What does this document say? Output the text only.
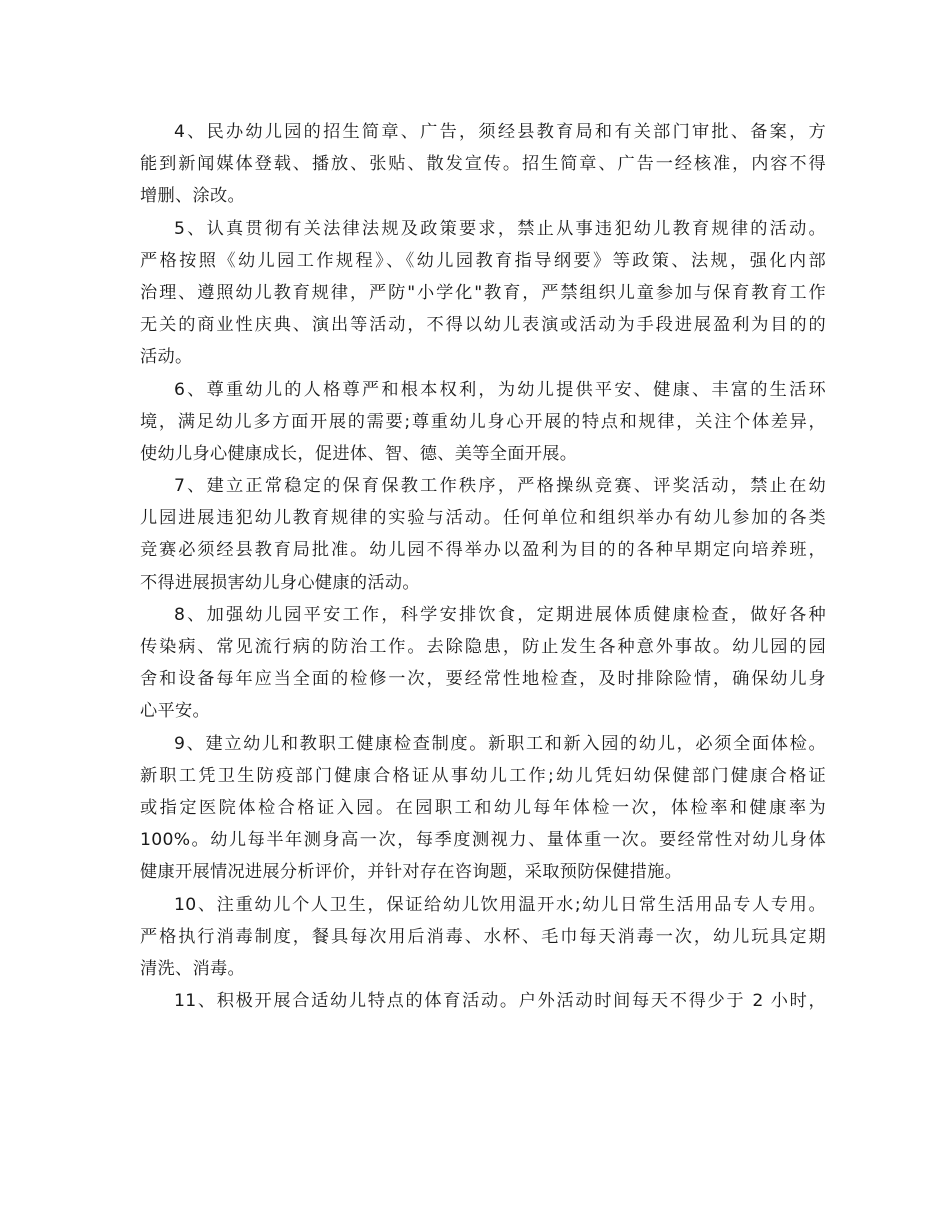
4、民办幼儿园的招生简章、广告，须经县教育局和有关部门审批、备案，方
能到新闻媒体登载、播放、张贴、散发宣传。招生简章、广告一经核准，内容不得
增删、涂改。
5、认真贯彻有关法律法规及政策要求，禁止从事违犯幼儿教育规律的活动。
严格按照《幼儿园工作规程》、《幼儿园教育指导纲要》等政策、法规，强化内部
治理、遵照幼儿教育规律，严防"小学化"教育，严禁组织儿童参加与保育教育工作
无关的商业性庆典、演出等活动，不得以幼儿表演或活动为手段进展盈利为目的的
活动。
6、尊重幼儿的人格尊严和根本权利，为幼儿提供平安、健康、丰富的生活环
境，满足幼儿多方面开展的需要;尊重幼儿身心开展的特点和规律，关注个体差异，
使幼儿身心健康成长，促进体、智、德、美等全面开展。
7、建立正常稳定的保育保教工作秩序，严格操纵竞赛、评奖活动，禁止在幼
儿园进展违犯幼儿教育规律的实验与活动。任何单位和组织举办有幼儿参加的各类
竞赛必须经县教育局批准。幼儿园不得举办以盈利为目的的各种早期定向培养班，
不得进展损害幼儿身心健康的活动。
8、加强幼儿园平安工作，科学安排饮食，定期进展体质健康检查，做好各种
传染病、常见流行病的防治工作。去除隐患，防止发生各种意外事故。幼儿园的园
舍和设备每年应当全面的检修一次，要经常性地检查，及时排除险情，确保幼儿身
心平安。
9、建立幼儿和教职工健康检查制度。新职工和新入园的幼儿，必须全面体检。
新职工凭卫生防疫部门健康合格证从事幼儿工作;幼儿凭妇幼保健部门健康合格证
或指定医院体检合格证入园。在园职工和幼儿每年体检一次，体检率和健康率为
100%。幼儿每半年测身高一次，每季度测视力、量体重一次。要经常性对幼儿身体
健康开展情况进展分析评价，并针对存在咨询题，采取预防保健措施。
10、注重幼儿个人卫生，保证给幼儿饮用温开水;幼儿日常生活用品专人专用。
严格执行消毒制度，餐具每次用后消毒、水杯、毛巾每天消毒一次，幼儿玩具定期
清洗、消毒。
11、积极开展合适幼儿特点的体育活动。户外活动时间每天不得少于 2 小时，
